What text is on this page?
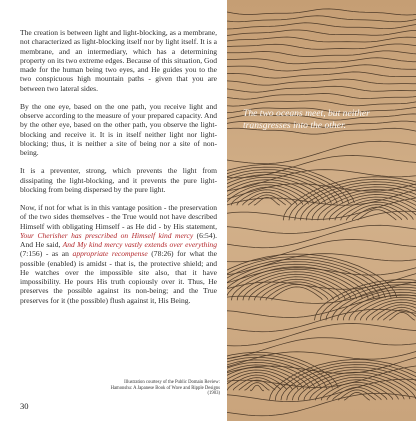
The creation is between light and light-blocking, as a membrane, not characterized as light-blocking itself nor by light itself. It is a membrane, and an intermediary, which has a determining property on its two extreme edges. Because of this situation, God made for the human being two eyes, and He guides you to the two conspicuous high mountain paths - given that you are between two lateral sides.

By the one eye, based on the one path, you receive light and observe according to the measure of your prepared capacity. And by the other eye, based on the other path, you observe the light-blocking and receive it. It is in itself neither light nor light-blocking; thus, it is neither a site of being nor a site of non-being.

It is a preventer, strong, which prevents the light from dissipating the light-blocking, and it prevents the pure light-blocking from being dispersed by the pure light.

Now, if not for what is in this vantage position - the preservation of the two sides themselves - the True would not have described Himself with obligating Himself - as He did - by His statement, Your Cherisher has prescribed on Himself kind mercy (6:54). And He said, And My kind mercy vastly extends over everything (7:156) - as an appropriate recompense (78:26) for what the possible (enabled) is amidst - that is, the protective shield; and He watches over the impossible site also, that it have impossibility. He pours His truth copiously over it. Thus, He preserves the possible against its non-being; and the True preserves for it (the possible) flush against it, His Being.

Illustration courtesy of the Public Domain Review: Hamonshu: A Japanese Book of Wave and Ripple Designs (1903)
30
The two oceans meet, but neither transgresses into the other.
